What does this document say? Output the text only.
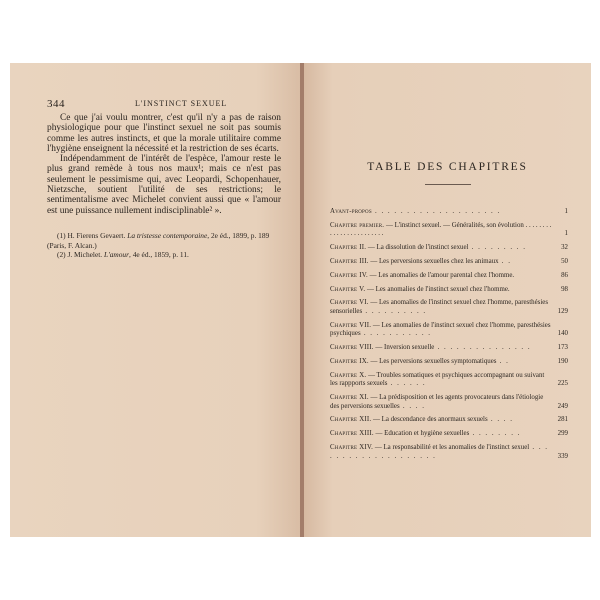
344	L'INSTINCT SEXUEL

Ce que j'ai voulu montrer, c'est qu'il n'y a pas de raison physiologique pour que l'instinct sexuel ne soit pas soumis comme les autres instincts, et que la morale utilitaire comme l'hygiène enseignent la nécessité et la restriction de ses écarts.

Indépendamment de l'intérêt de l'espèce, l'amour reste le plus grand remède à tous nos maux¹; mais ce n'est pas seulement le pessimisme qui, avec Leopardi, Schopenhauer, Nietzsche, soutient l'utilité de ses restrictions; le sentimentalisme avec Michelet convient aussi que « l'amour est une puissance nullement indisciplinable² ».

(1) H. Fierens Gevaert. La tristesse contemporaine, 2e éd., 1899, p. 189 (Paris, F. Alcan.)

(2) J. Michelet. L'amour, 4e éd., 1859, p. 11.

TABLE DES CHAPITRES
Avant-propos . . . . . . . . . . . . . . . . . . . .	1
Chapitre premier. — L'instinct sexuel. — Généralités, son évolution . . . . . . . . . . . . . . . . . . . . . . . .	1
Chapitre II. — La dissolution de l'instinct sexuel . . . . . . . . .	32
Chapitre III. — Les perversions sexuelles chez les animaux . .	50
Chapitre IV. — Les anomalies de l'amour parental chez l'homme.	86
Chapitre V. — Les anomalies de l'instinct sexuel chez l'homme.	98
Chapitre VI. — Les anomalies de l'instinct sexuel chez l'homme, paresthésies sensorielles . . . . . . . . . .	129
Chapitre VII. — Les anomalies de l'instinct sexuel chez l'homme, paresthésies psychiques . . . . . . . . . . .	140
Chapitre VIII. — Inversion sexuelle . . . . . . . . . . . . . . .	173
Chapitre IX. — Les perversions sexuelles symptomatiques . .	190
Chapitre X. — Troubles somatiques et psychiques accompagnant ou suivant les rappports sexuels . . . . . .	225
Chapitre XI. — La prédisposition et les agents provocateurs dans l'étiologie des perversions sexuelles . . . .	249
Chapitre XII. — La descendance des anormaux sexuels . . . .	281
Chapitre XIII. — Education et hygiène sexuelles . . . . . . . .	299
Chapitre XIV. — La responsabilité et les anomalies de l'instinct sexuel . . . . . . . . . . . . . . . . . . . .	339
